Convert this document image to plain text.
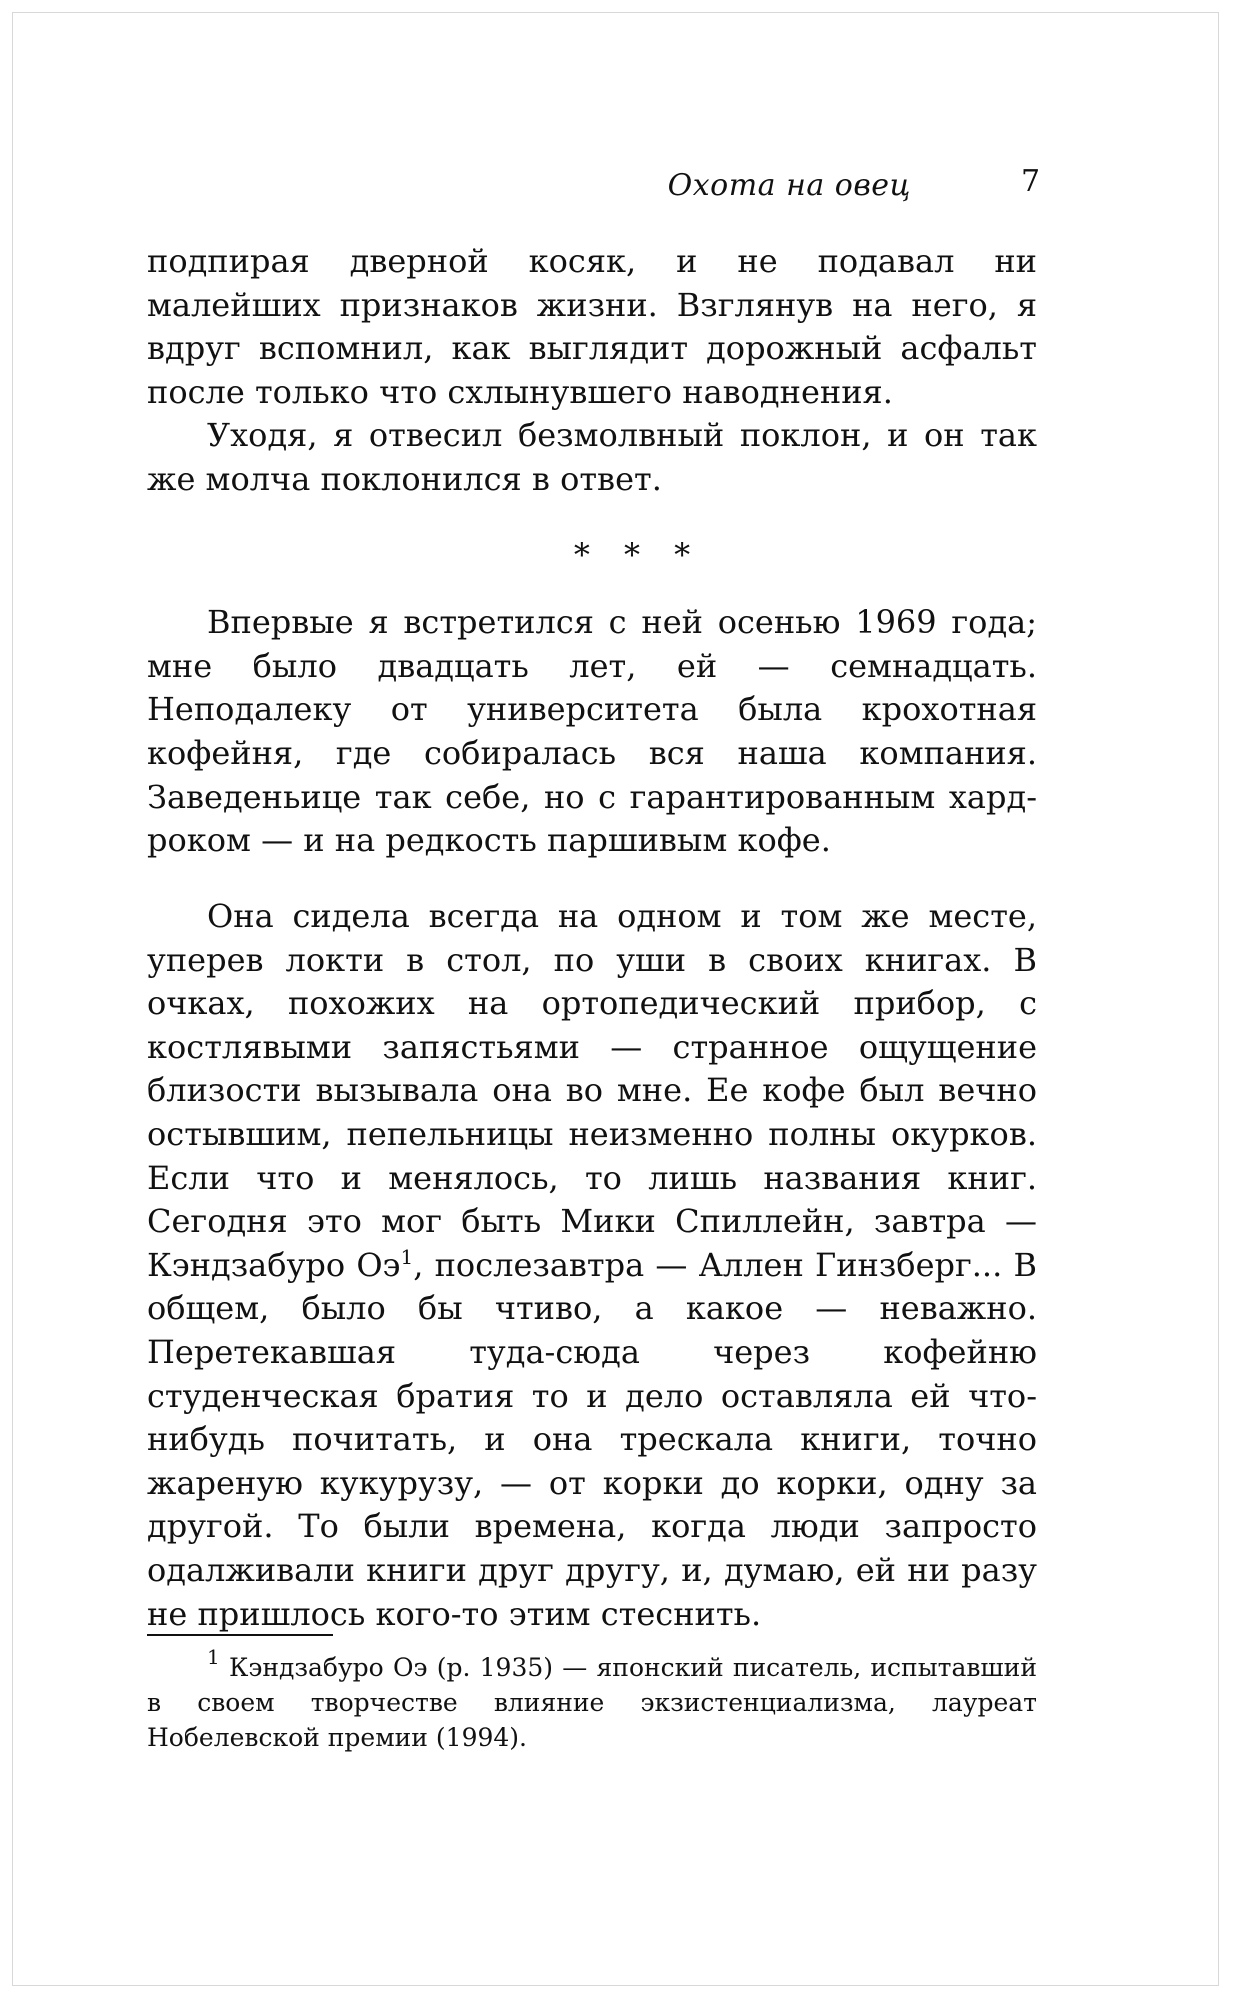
Охота на овец	7

подпирая дверной косяк, и не подавал ни малейших признаков жизни. Взглянув на него, я вдруг вспомнил, как выглядит дорожный асфальт после только что схлынувшего наводнения.

Уходя, я отвесил безмолвный поклон, и он так же молча поклонился в ответ.

* * *

Впервые я встретился с ней осенью 1969 года; мне было двадцать лет, ей — семнадцать. Неподалеку от университета была крохотная кофейня, где собиралась вся наша компания. Заведеньице так себе, но с гарантированным хард-роком — и на редкость паршивым кофе.

Она сидела всегда на одном и том же месте, уперев локти в стол, по уши в своих книгах. В очках, похожих на ортопедический прибор, с костлявыми запястьями — странное ощущение близости вызывала она во мне. Ее кофе был вечно остывшим, пепельницы неизменно полны окурков. Если что и менялось, то лишь названия книг. Сегодня это мог быть Мики Спиллейн, завтра — Кэндзабуро $Оэ^1$, послезавтра — Аллен Гинзберг... В общем, было бы чтиво, а какое — неважно. Перетекавшая туда-сюда через кофейню студенческая братия то и дело оставляла ей что-нибудь почитать, и она трескала книги, точно жареную кукурузу, — от корки до корки, одну за другой. То были времена, когда люди запросто одалживали книги друг другу, и, думаю, ей ни разу не пришлось кого-то этим стеснить.

$^1$ Кэндзабуро Оэ (р. 1935) — японский писатель, испытавший в своем творчестве влияние экзистенциализма, лауреат Нобелевской премии (1994).
